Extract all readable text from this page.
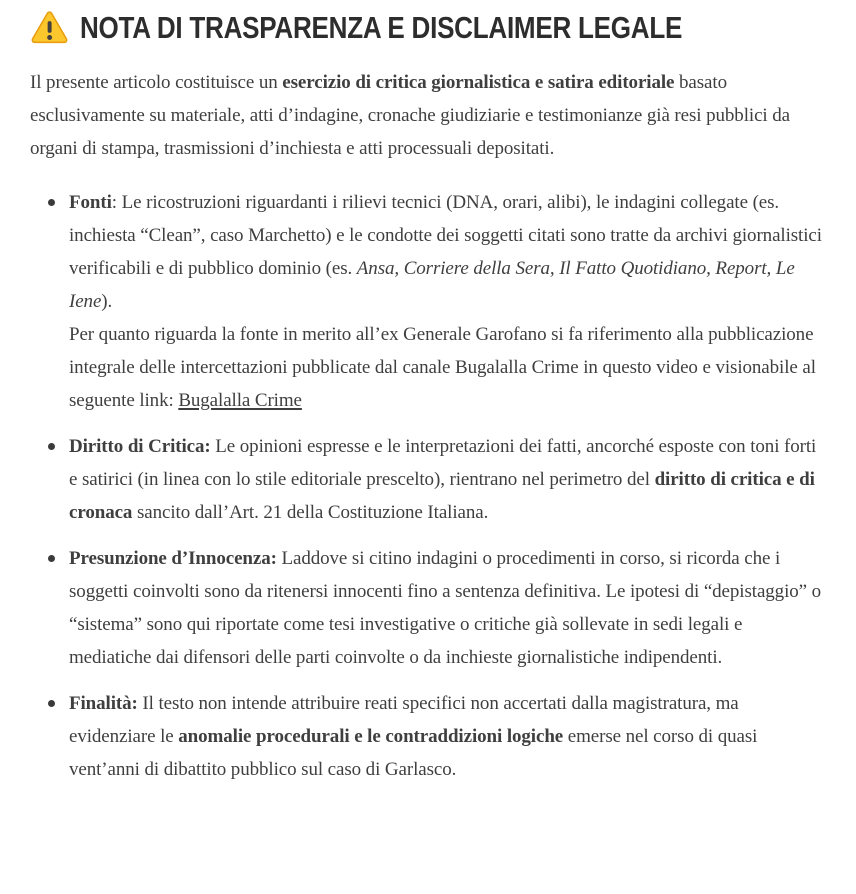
NOTA DI TRASPARENZA E DISCLAIMER LEGALE

Il presente articolo costituisce un esercizio di critica giornalistica e satira editoriale basato esclusivamente su materiale, atti d’indagine, cronache giudiziarie e testimonianze già resi pubblici da organi di stampa, trasmissioni d’inchiesta e atti processuali depositati.

Fonti: Le ricostruzioni riguardanti i rilievi tecnici (DNA, orari, alibi), le indagini collegate (es. inchiesta “Clean”, caso Marchetto) e le condotte dei soggetti citati sono tratte da archivi giornalistici verificabili e di pubblico dominio (es. Ansa, Corriere della Sera, Il Fatto Quotidiano, Report, Le Iene).
Per quanto riguarda la fonte in merito all’ex Generale Garofano si fa riferimento alla pubblicazione integrale delle intercettazioni pubblicate dal canale Bugalalla Crime in questo video e visionabile al seguente link: Bugalalla Crime
Diritto di Critica: Le opinioni espresse e le interpretazioni dei fatti, ancorché esposte con toni forti e satirici (in linea con lo stile editoriale prescelto), rientrano nel perimetro del diritto di critica e di cronaca sancito dall’Art. 21 della Costituzione Italiana.
Presunzione d’Innocenza: Laddove si citino indagini o procedimenti in corso, si ricorda che i soggetti coinvolti sono da ritenersi innocenti fino a sentenza definitiva. Le ipotesi di “depistaggio” o “sistema” sono qui riportate come tesi investigative o critiche già sollevate in sedi legali e mediatiche dai difensori delle parti coinvolte o da inchieste giornalistiche indipendenti.
Finalità: Il testo non intende attribuire reati specifici non accertati dalla magistratura, ma evidenziare le anomalie procedurali e le contraddizioni logiche emerse nel corso di quasi vent’anni di dibattito pubblico sul caso di Garlasco.
